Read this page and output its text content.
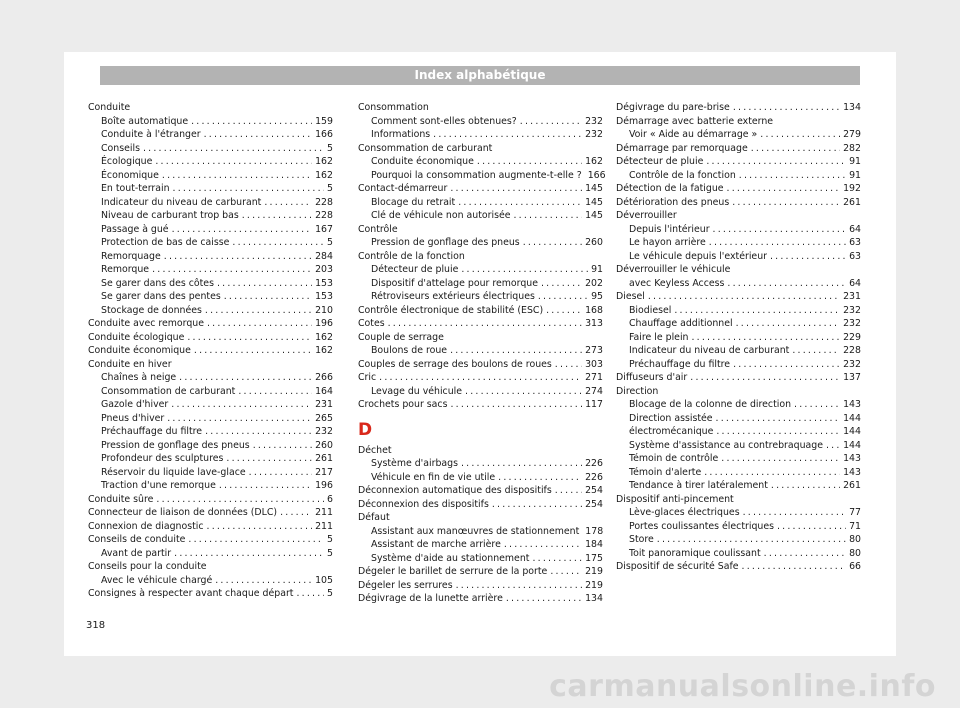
Index alphabétique
Conduite
Boîte automatique .....	159
Conduite à l'étranger .....	166
Conseils .....	5
Écologique .....	162
Économique .....	162
En tout-terrain .....	5
Indicateur du niveau de carburant .....	228
Niveau de carburant trop bas .....	228
Passage à gué .....	167
Protection de bas de caisse .....	5
Remorquage .....	284
Remorque .....	203
Se garer dans des côtes .....	153
Se garer dans des pentes .....	153
Stockage de données .....	210
Conduite avec remorque .....	196
Conduite écologique .....	162
Conduite économique .....	162
Conduite en hiver
Chaînes à neige .....	266
Consommation de carburant .....	164
Gazole d'hiver .....	231
Pneus d'hiver .....	265
Préchauffage du filtre .....	232
Pression de gonflage des pneus .....	260
Profondeur des sculptures .....	261
Réservoir du liquide lave-glace .....	217
Traction d'une remorque .....	196
Conduite sûre .....	6
Connecteur de liaison de données (DLC) .....	211
Connexion de diagnostic .....	211
Conseils de conduite .....	5
Avant de partir .....	5
Conseils pour la conduite
Avec le véhicule chargé .....	105
Consignes à respecter avant chaque départ .....	5
Consommation
Comment sont-elles obtenues? .....	232
Informations .....	232
Consommation de carburant
Conduite économique .....	162
Pourquoi la consommation augmente-t-elle ? 166
Contact-démarreur .....	145
Blocage du retrait .....	145
Clé de véhicule non autorisée .....	145
Contrôle
Pression de gonflage des pneus .....	260
Contrôle de la fonction
Détecteur de pluie .....	91
Dispositif d'attelage pour remorque .....	202
Rétroviseurs extérieurs électriques .....	95
Contrôle électronique de stabilité (ESC) .....	168
Cotes .....	313
Couple de serrage
Boulons de roue .....	273
Couples de serrage des boulons de roues .....	303
Cric .....	271
Levage du véhicule .....	274
Crochets pour sacs .....	117
D
Déchet
Système d'airbags .....	226
Véhicule en fin de vie utile .....	226
Déconnexion automatique des dispositifs .....	254
Déconnexion des dispositifs .....	254
Défaut
Assistant aux manœuvres de stationnement 178
Assistant de marche arrière .....	184
Système d'aide au stationnement .....	175
Dégeler le barillet de serrure de la porte .....	219
Dégeler les serrures .....	219
Dégivrage de la lunette arrière .....	134
Dégivrage du pare-brise .....	134
Démarrage avec batterie externe
Voir « Aide au démarrage » .....	279
Démarrage par remorquage .....	282
Détecteur de pluie .....	91
Contrôle de la fonction .....	91
Détection de la fatigue .....	192
Détérioration des pneus .....	261
Déverrouiller
Depuis l'intérieur .....	64
Le hayon arrière .....	63
Le véhicule depuis l'extérieur .....	63
Déverrouiller le véhicule
avec Keyless Access .....	64
Diesel .....	231
Biodiesel .....	232
Chauffage additionnel .....	232
Faire le plein .....	229
Indicateur du niveau de carburant .....	228
Préchauffage du filtre .....	232
Diffuseurs d'air .....	137
Direction
Blocage de la colonne de direction .....	143
Direction assistée .....	144
électromécanique .....	144
Système d'assistance au contrebraquage ..... 144
Témoin de contrôle .....	143
Témoin d'alerte .....	143
Tendance à tirer latéralement .....	261
Dispositif anti-pincement
Lève-glaces électriques .....	77
Portes coulissantes électriques .....	71
Store .....	80
Toit panoramique coulissant .....	80
Dispositif de sécurité Safe .....	66
318
carmanualsonline.info
